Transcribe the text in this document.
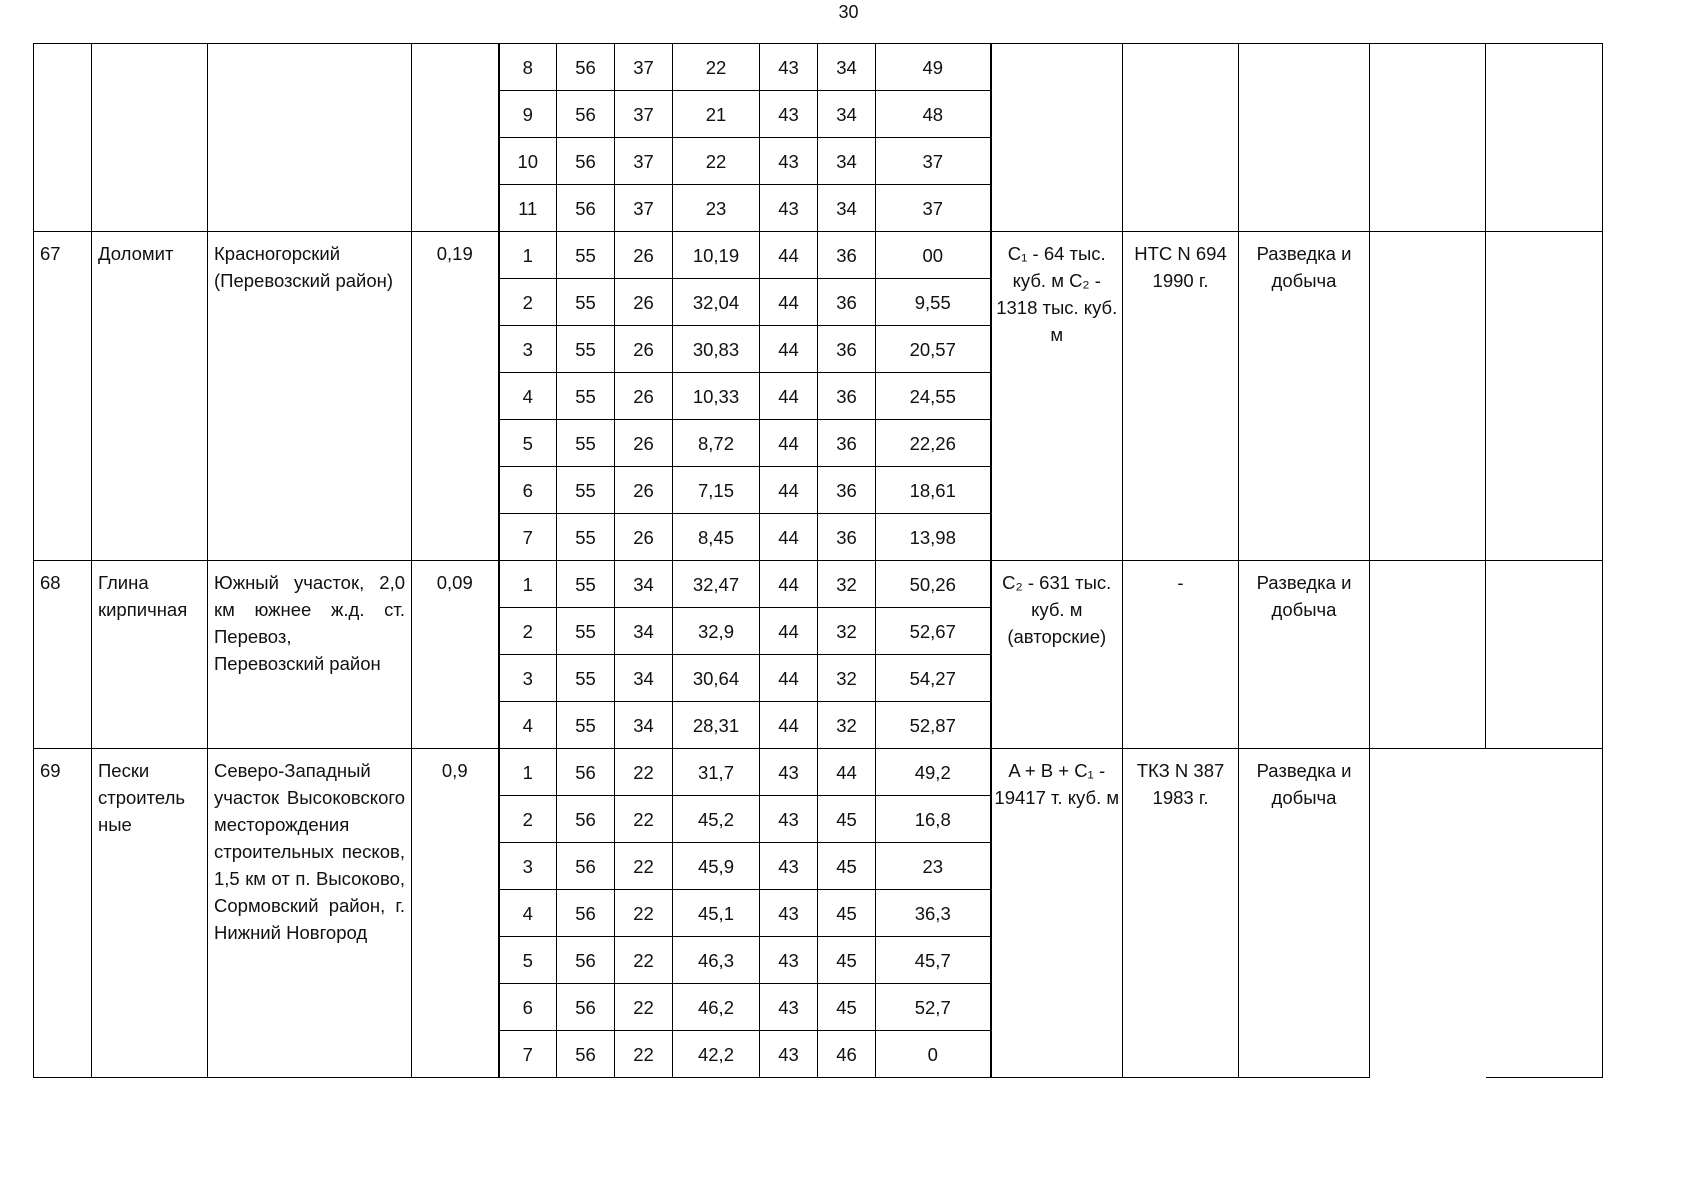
30
				8	56	37	22	43	34	49					
				9	56	37	21	43	34	48					
				10	56	37	22	43	34	37					
				11	56	37	23	43	34	37					
67	Доломит	Красногорский (Перевозский район)	0,19	1	55	26	10,19	44	36	00	C₁ - 64 тыс. куб. м C₂ - 1318 тыс. куб. м	НТС N 694 1990 г.	Разведка и добыча		
				2	55	26	32,04	44	36	9,55					
				3	55	26	30,83	44	36	20,57					
				4	55	26	10,33	44	36	24,55					
				5	55	26	8,72	44	36	22,26					
				6	55	26	7,15	44	36	18,61					
				7	55	26	8,45	44	36	13,98					
68	Глина кирпичная	Южный участок, 2,0 км южнее ж.д. ст. Перевоз, Перевозский район	0,09	1	55	34	32,47	44	32	50,26	C₂ - 631 тыс. куб. м (авторские)	-	Разведка и добыча		
				2	55	34	32,9	44	32	52,67					
				3	55	34	30,64	44	32	54,27					
				4	55	34	28,31	44	32	52,87					
69	Пески строитель ные	Северо-Западный участок Высоковского месторождения строительных песков, 1,5 км от п. Высоково, Сормовский район, г. Нижний Новгород	0,9	1	56	22	31,7	43	44	49,2	A + B + C₁ - 19417 т. куб. м	ТКЗ N 387 1983 г.	Разведка и добыча		
				2	56	22	45,2	43	45	16,8					
				3	56	22	45,9	43	45	23					
				4	56	22	45,1	43	45	36,3					
				5	56	22	46,3	43	45	45,7					
				6	56	22	46,2	43	45	52,7					
				7	56	22	42,2	43	46	0					
